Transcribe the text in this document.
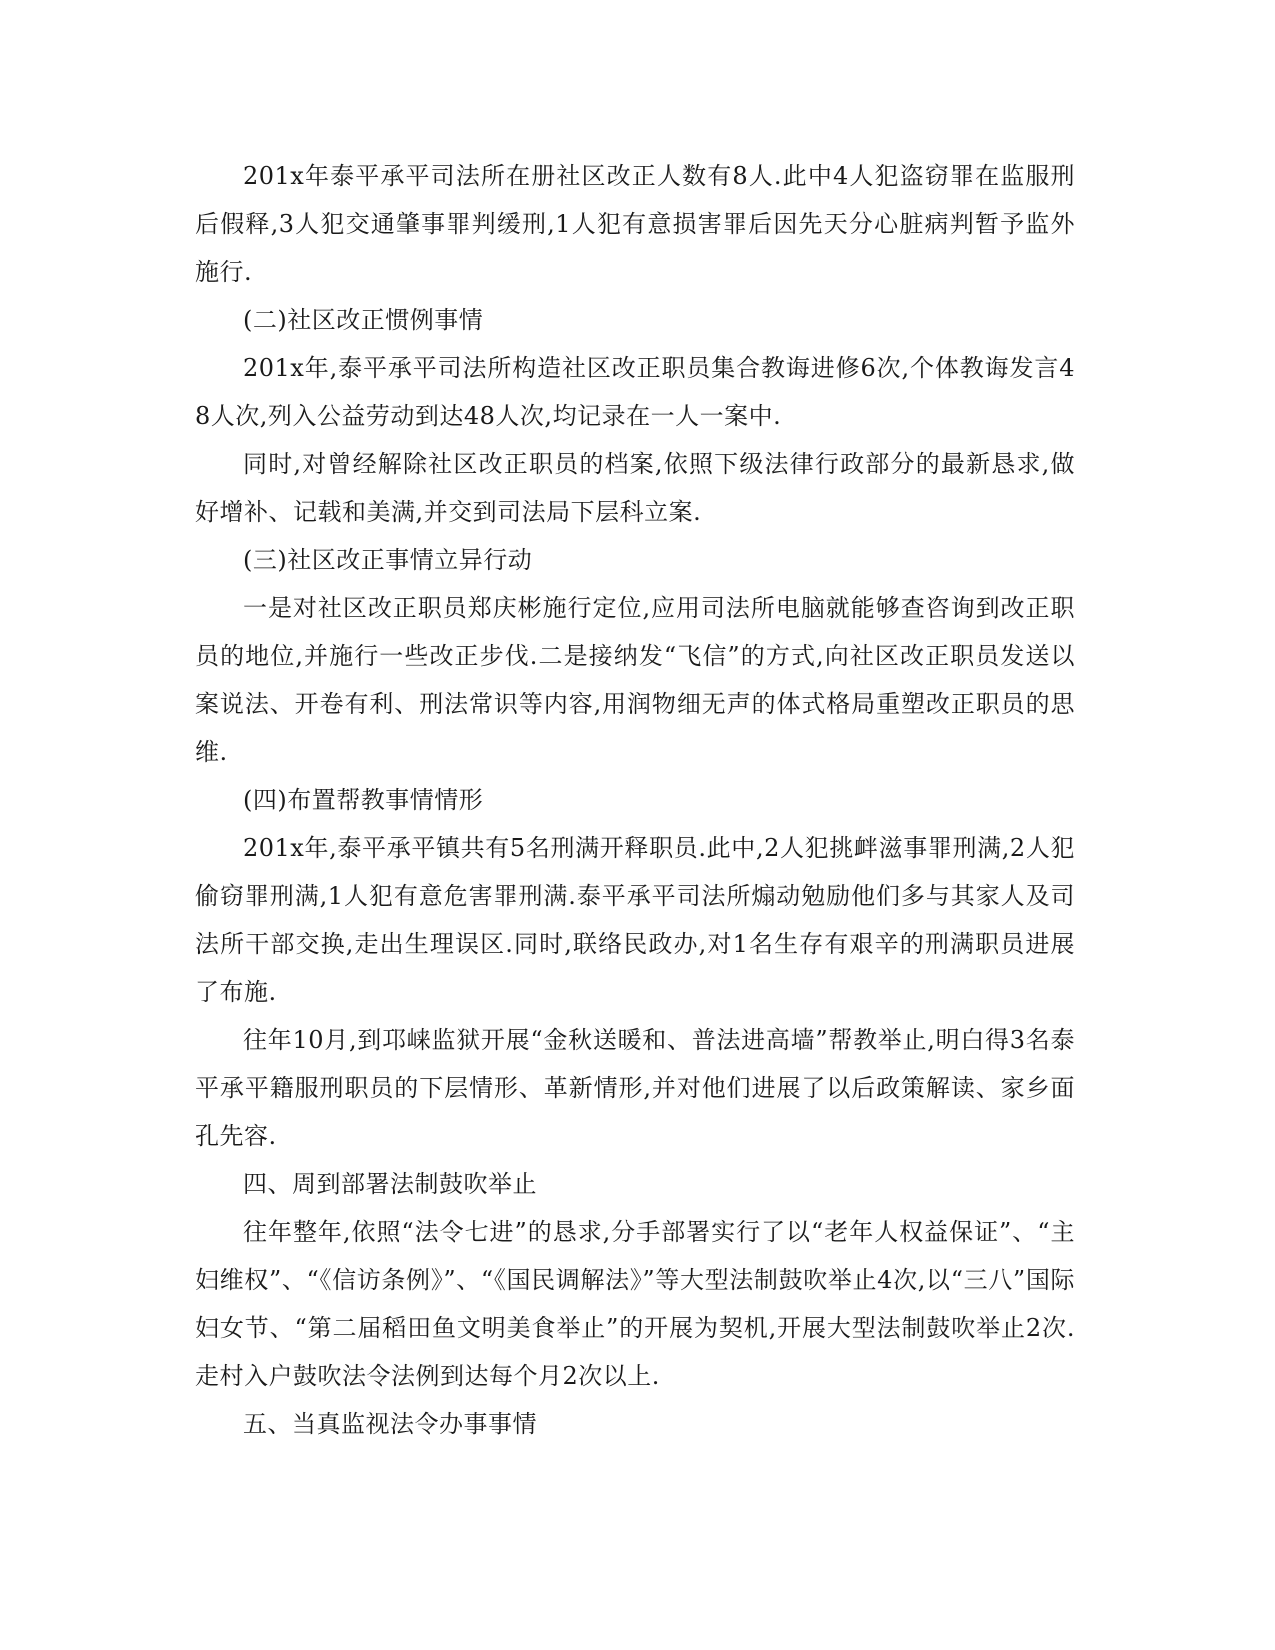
201x年泰平承平司法所在册社区改正人数有8人.此中4人犯盗窃罪在监服刑后假释,3人犯交通肇事罪判缓刑,1人犯有意损害罪后因先天分心脏病判暂予监外施行.

(二)社区改正惯例事情

201x年,泰平承平司法所构造社区改正职员集合教诲进修6次,个体教诲发言48人次,列入公益劳动到达48人次,均记录在一人一案中.

同时,对曾经解除社区改正职员的档案,依照下级法律行政部分的最新恳求,做好增补、记载和美满,并交到司法局下层科立案.

(三)社区改正事情立异行动

一是对社区改正职员郑庆彬施行定位,应用司法所电脑就能够查咨询到改正职员的地位,并施行一些改正步伐.二是接纳发“飞信”的方式,向社区改正职员发送以案说法、开卷有利、刑法常识等内容,用润物细无声的体式格局重塑改正职员的思维.

(四)布置帮教事情情形

201x年,泰平承平镇共有5名刑满开释职员.此中,2人犯挑衅滋事罪刑满,2人犯偷窃罪刑满,1人犯有意危害罪刑满.泰平承平司法所煽动勉励他们多与其家人及司法所干部交换,走出生理误区.同时,联络民政办,对1名生存有艰辛的刑满职员进展了布施.

往年10月,到邛崃监狱开展“金秋送暖和、普法进高墙”帮教举止,明白得3名泰平承平籍服刑职员的下层情形、革新情形,并对他们进展了以后政策解读、家乡面孔先容.

四、周到部署法制鼓吹举止

往年整年,依照“法令七进”的恳求,分手部署实行了以“老年人权益保证”、“主妇维权”、“《信访条例》”、“《国民调解法》”等大型法制鼓吹举止4次,以“三八”国际妇女节、“第二届稻田鱼文明美食举止”的开展为契机,开展大型法制鼓吹举止2次.走村入户鼓吹法令法例到达每个月2次以上.

五、当真监视法令办事事情
